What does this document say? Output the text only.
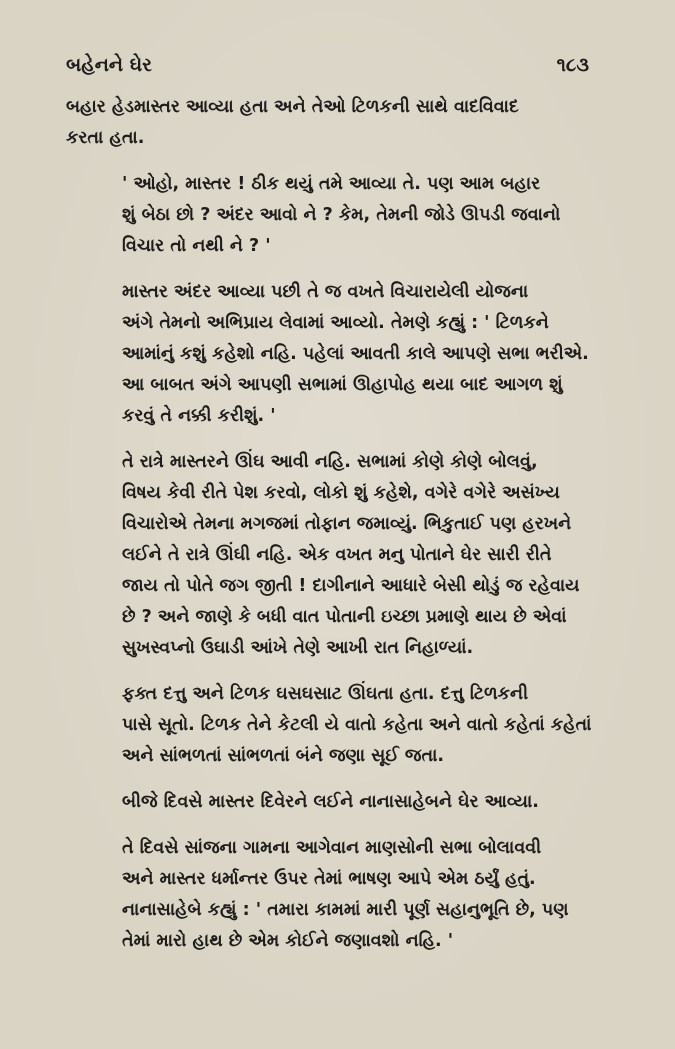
બહેનને ઘેર	૧૮૩

બહાર હેડમાસ્તર આવ્યા હતા અને તેઓ ટિળકની સાથે વાદવિવાદ
કરતા હતા.

' ઓહો, માસ્તર ! ઠીક થયું તમે આવ્યા તે. પણ આમ બહાર
શું બેઠા છો ? અંદર આવો ને ? કેમ, તેમની જોડે ઊપડી જવાનો
વિચાર તો નથી ને ? '

માસ્તર અંદર આવ્યા પછી તે જ વખતે વિચારાયેલી યોજના
અંગે તેમનો અભિપ્રાય લેવામાં આવ્યો. તેમણે કહ્યું : ' ટિળકને
આમાંનું કશું કહેશો નહિ. પહેલાં આવતી કાલે આપણે સભા ભરીએ.
આ બાબત અંગે આપણી સભામાં ઊહાપોહ થયા બાદ આગળ શું
કરવું તે નક્કી કરીશું. '

તે રાત્રે માસ્તરને ઊંઘ આવી નહિ. સભામાં કોણે કોણે બોલવું,
વિષય કેવી રીતે પેશ કરવો, લોકો શું કહેશે, વગેરે વગેરે અસંખ્ય
વિચારોએ તેમના મગજમાં તોફાન જમાવ્યું. ભિકુતાઈ પણ હરખને
લઈને તે રાત્રે ઊંઘી નહિ. એક વખત મનુ પોતાને ઘેર સારી રીતે
જાય તો પોતે જગ જીતી ! દાગીનાને આધારે બેસી થોડું જ રહેવાય
છે ? અને જાણે કે બધી વાત પોતાની ઇચ્છા પ્રમાણે થાય છે એવાં
સુખસ્વપ્નો ઉઘાડી આંખે તેણે આખી રાત નિહાળ્યાં.

ફક્ત દત્તુ અને ટિળક ઘસઘસાટ ઊંઘતા હતા. દત્તુ ટિળકની
પાસે સૂતો. ટિળક તેને કેટલી યે વાતો કહેતા અને વાતો કહેતાં કહેતાં
અને સાંભળતાં સાંભળતાં બંને જણા સૂઈ જતા.

બીજે દિવસે માસ્તર દિવેરને લઈને નાનાસાહેબને ઘેર આવ્યા.

તે દિવસે સાંજના ગામના આગેવાન માણસોની સભા બોલાવવી
અને માસ્તર ધર્માન્તર ઉપર તેમાં ભાષણ આપે એમ ઠર્યું હતું.
નાનાસાહેબે કહ્યું : ' તમારા કામમાં મારી પૂર્ણ સહાનુભૂતિ છે, પણ
તેમાં મારો હાથ છે એમ કોઈને જણાવશો નહિ. '
